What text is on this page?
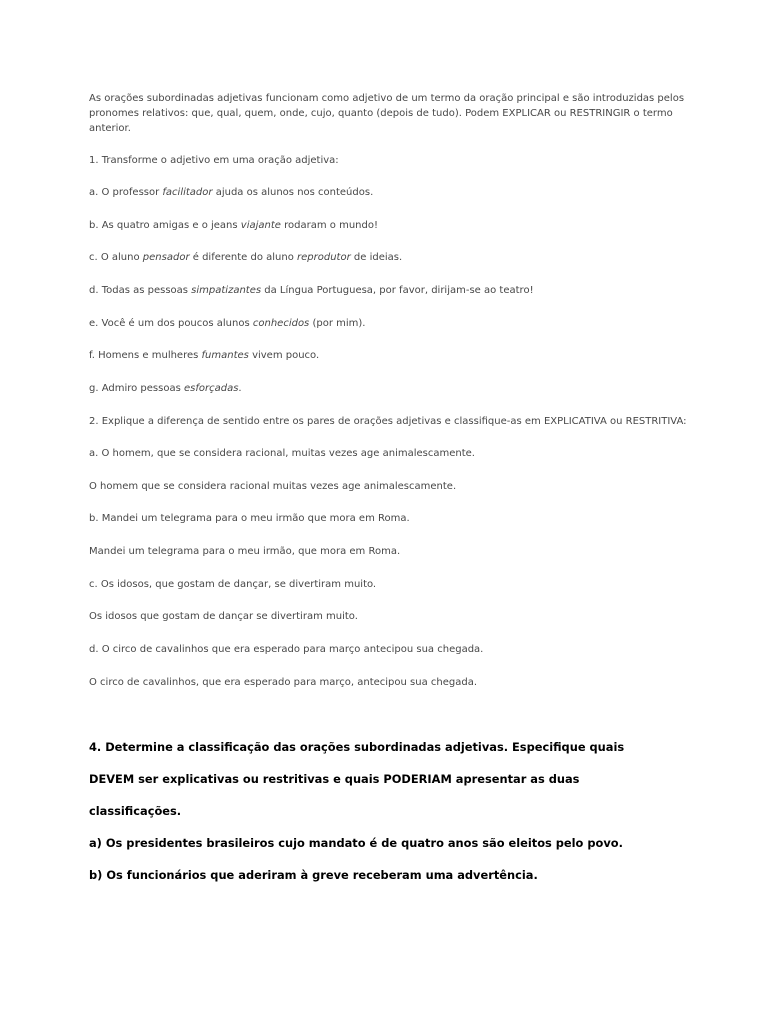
As orações subordinadas adjetivas funcionam como adjetivo de um termo da oração principal e são introduzidas pelos
pronomes relativos: que, qual, quem, onde, cujo, quanto (depois de tudo). Podem EXPLICAR ou RESTRINGIR o termo
anterior.
1. Transforme o adjetivo em uma oração adjetiva:
a. O professor facilitador ajuda os alunos nos conteúdos.
b. As quatro amigas e o jeans viajante rodaram o mundo!
c. O aluno pensador é diferente do aluno reprodutor de ideias.
d. Todas as pessoas simpatizantes da Língua Portuguesa, por favor, dirijam-se ao teatro!
e. Você é um dos poucos alunos conhecidos (por mim).
f. Homens e mulheres fumantes vivem pouco.
g. Admiro pessoas esforçadas.
2. Explique a diferença de sentido entre os pares de orações adjetivas e classifique-as em EXPLICATIVA ou RESTRITIVA:
a. O homem, que se considera racional, muitas vezes age animalescamente.
O homem que se considera racional muitas vezes age animalescamente.
b. Mandei um telegrama para o meu irmão que mora em Roma.
Mandei um telegrama para o meu irmão, que mora em Roma.
c. Os idosos, que gostam de dançar, se divertiram muito.
Os idosos que gostam de dançar se divertiram muito.
d. O circo de cavalinhos que era esperado para março antecipou sua chegada.
O circo de cavalinhos, que era esperado para março, antecipou sua chegada.
4. Determine a classificação das orações subordinadas adjetivas. Especifique quais
DEVEM ser explicativas ou restritivas e quais PODERIAM apresentar as duas
classificações.
a) Os presidentes brasileiros cujo mandato é de quatro anos são eleitos pelo povo.
b) Os funcionários que aderiram à greve receberam uma advertência.
